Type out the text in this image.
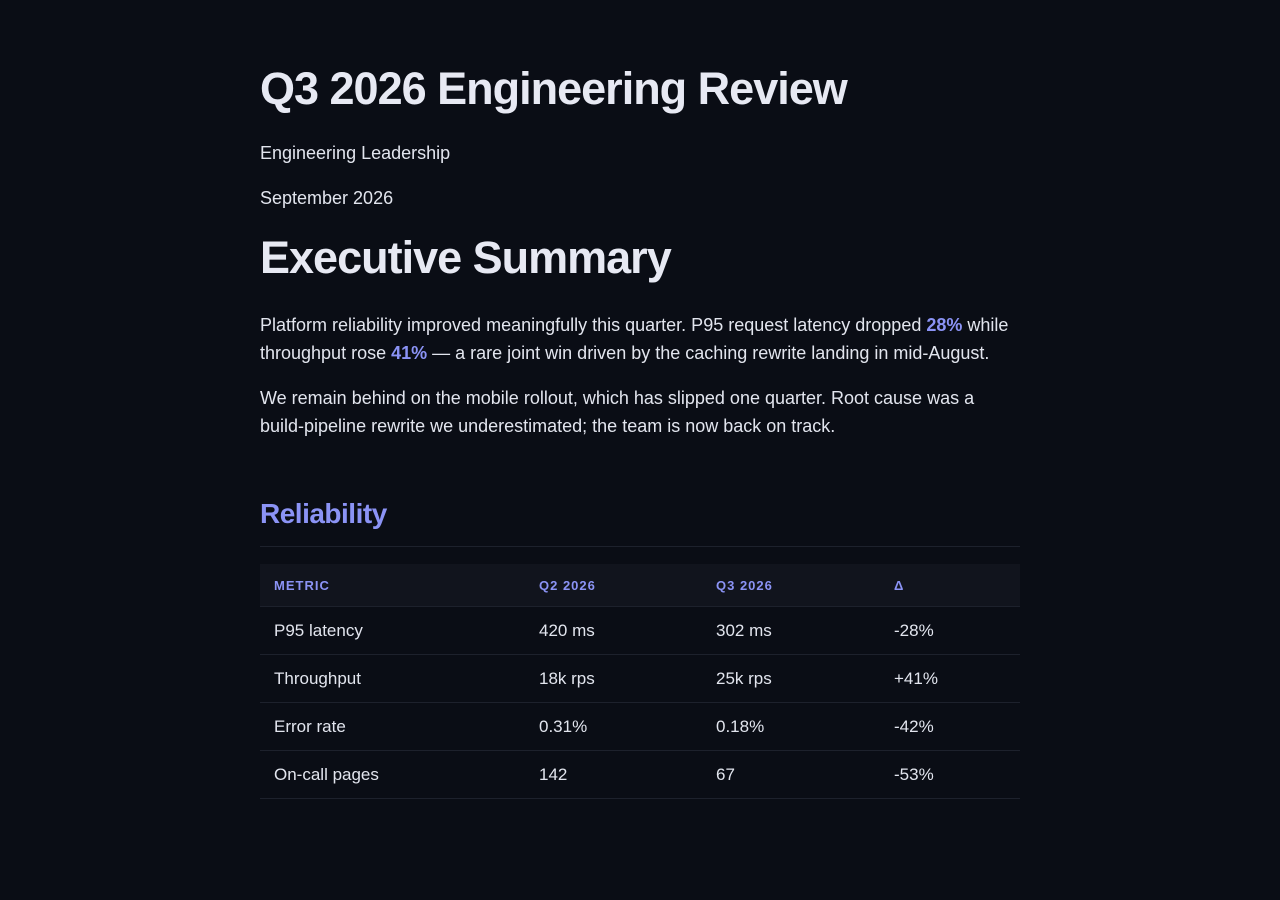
Q3 2026 Engineering Review

Engineering Leadership

September 2026

Executive Summary

Platform reliability improved meaningfully this quarter. P95 request latency dropped 28% while throughput rose 41% — a rare joint win driven by the caching rewrite landing in mid-August.

We remain behind on the mobile rollout, which has slipped one quarter. Root cause was a build-pipeline rewrite we underestimated; the team is now back on track.

Reliability
METRIC	Q2 2026	Q3 2026	Δ
P95 latency	420 ms	302 ms	-28%
Throughput	18k rps	25k rps	+41%
Error rate	0.31%	0.18%	-42%
On-call pages	142	67	-53%
